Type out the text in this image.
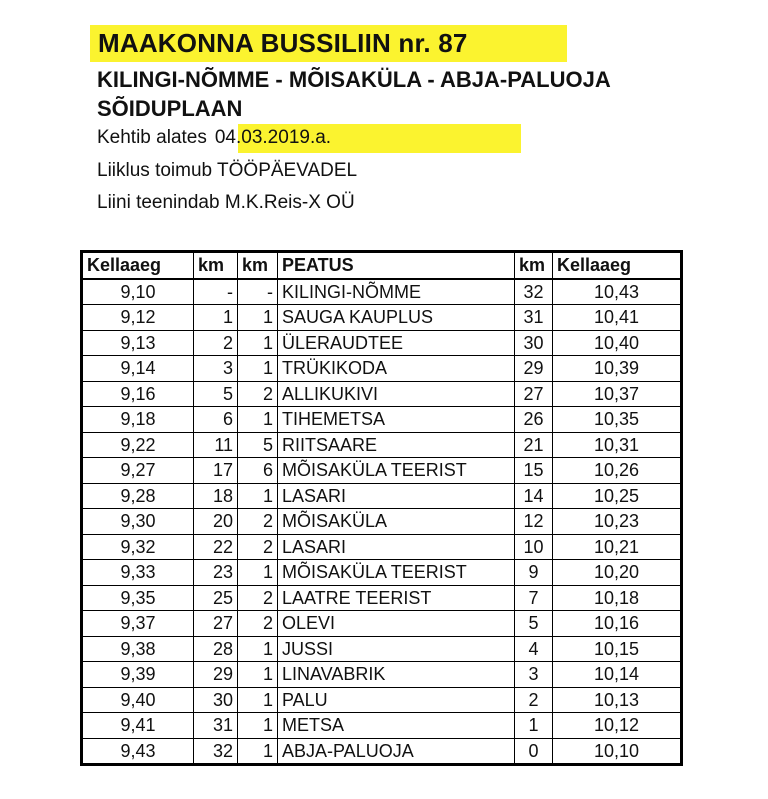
MAAKONNA BUSSILIIN nr. 87
KILINGI-NÕMME - MÕISAKÜLA - ABJA-PALUOJA
SÕIDUPLAAN
Kehtib alates 04.03.2019.a.
Liiklus toimub TÖÖPÄEVADEL
Liini teenindab M.K.Reis-X OÜ
Kellaaeg	km	km	PEATUS	km	Kellaaeg
9,10	-	-	KILINGI-NÕMME	32	10,43
9,12	1	1	SAUGA KAUPLUS	31	10,41
9,13	2	1	ÜLERAUDTEE	30	10,40
9,14	3	1	TRÜKIKODA	29	10,39
9,16	5	2	ALLIKUKIVI	27	10,37
9,18	6	1	TIHEMETSA	26	10,35
9,22	11	5	RIITSAARE	21	10,31
9,27	17	6	MÕISAKÜLA TEERIST	15	10,26
9,28	18	1	LASARI	14	10,25
9,30	20	2	MÕISAKÜLA	12	10,23
9,32	22	2	LASARI	10	10,21
9,33	23	1	MÕISAKÜLA TEERIST	9	10,20
9,35	25	2	LAATRE TEERIST	7	10,18
9,37	27	2	OLEVI	5	10,16
9,38	28	1	JUSSI	4	10,15
9,39	29	1	LINAVABRIK	3	10,14
9,40	30	1	PALU	2	10,13
9,41	31	1	METSA	1	10,12
9,43	32	1	ABJA-PALUOJA	0	10,10
